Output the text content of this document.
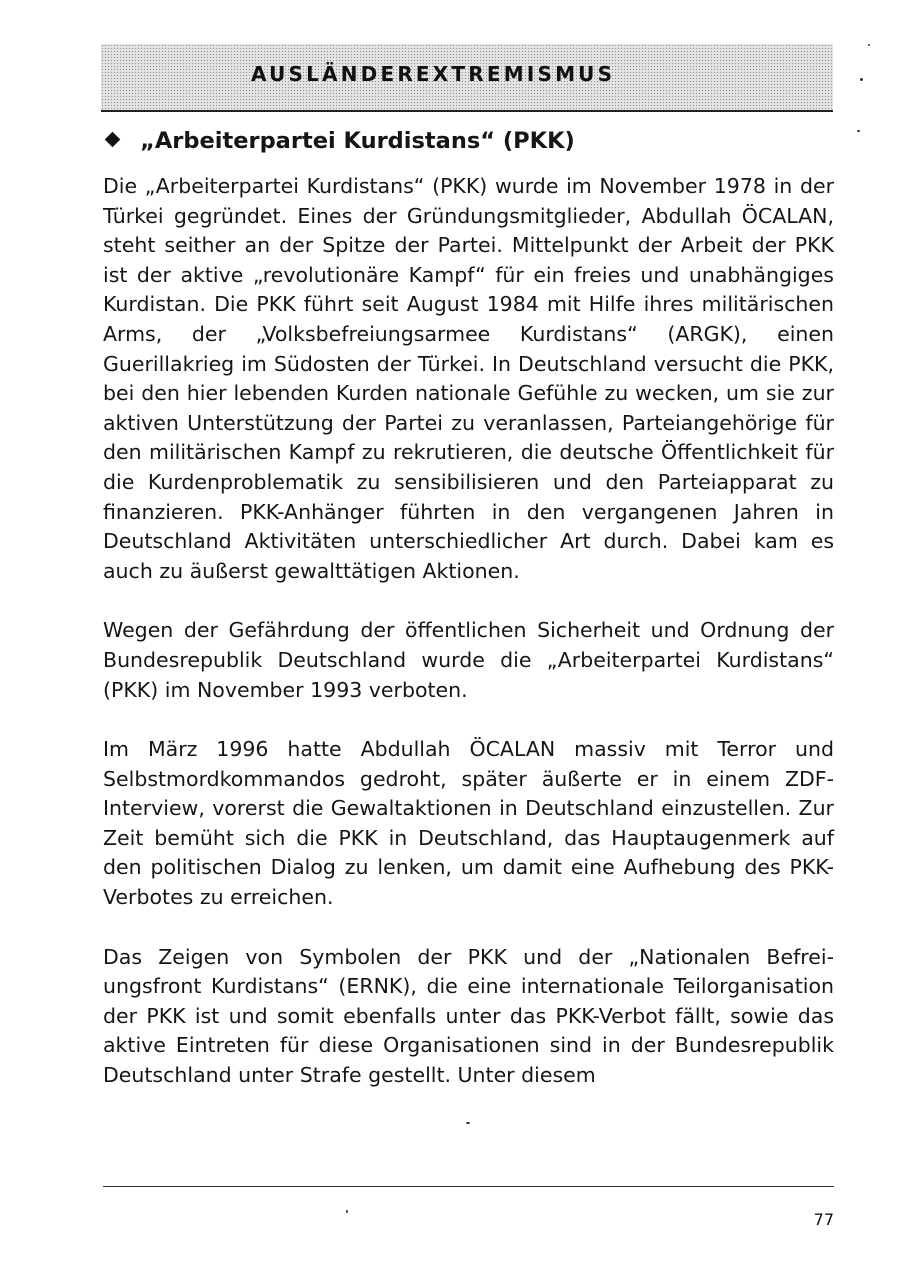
AUSLÄNDEREXTREMISMUS
„Arbeiterpartei Kurdistans“ (PKK)

Die „Arbeiterpartei Kurdistans“ (PKK) wurde im November 1978 in der Türkei gegründet. Eines der Gründungsmitglieder, Abdullah ÖCALAN, steht seither an der Spitze der Partei. Mittelpunkt der Arbeit der PKK ist der aktive „revolutionäre Kampf“ für ein freies und unabhängiges Kurdistan. Die PKK führt seit August 1984 mit Hilfe ihres militärischen Arms, der „Volksbefreiungsarmee Kurdistans“ (ARGK), einen Guerillakrieg im Südosten der Türkei. In Deutschland versucht die PKK, bei den hier lebenden Kurden nationale Gefühle zu wecken, um sie zur aktiven Unterstützung der Partei zu veranlassen, Parteiangehörige für den militärischen Kampf zu rekrutieren, die deutsche Öffentlichkeit für die Kurdenproblematik zu sensibilisieren und den Parteiapparat zu finanzieren. PKK-Anhänger führten in den vergangenen Jahren in Deutschland Aktivitäten unterschiedlicher Art durch. Dabei kam es auch zu äußerst gewalttätigen Aktionen.

Wegen der Gefährdung der öffentlichen Sicherheit und Ordnung der Bundesrepublik Deutschland wurde die „Arbeiterpartei Kurdistans“ (PKK) im November 1993 verboten.

Im März 1996 hatte Abdullah ÖCALAN massiv mit Terror und Selbstmordkommandos gedroht, später äußerte er in einem ZDF-Interview, vorerst die Gewaltaktionen in Deutschland einzustellen. Zur Zeit bemüht sich die PKK in Deutschland, das Hauptaugenmerk auf den politischen Dialog zu lenken, um damit eine Aufhebung des PKK-Verbotes zu erreichen.

Das Zeigen von Symbolen der PKK und der „Nationalen Befreiungsfront Kurdistans“ (ERNK), die eine internationale Teilorganisation der PKK ist und somit ebenfalls unter das PKK-Verbot fällt, sowie das aktive Eintreten für diese Organisationen sind in der Bundesrepublik Deutschland unter Strafe gestellt. Unter diesem

77
